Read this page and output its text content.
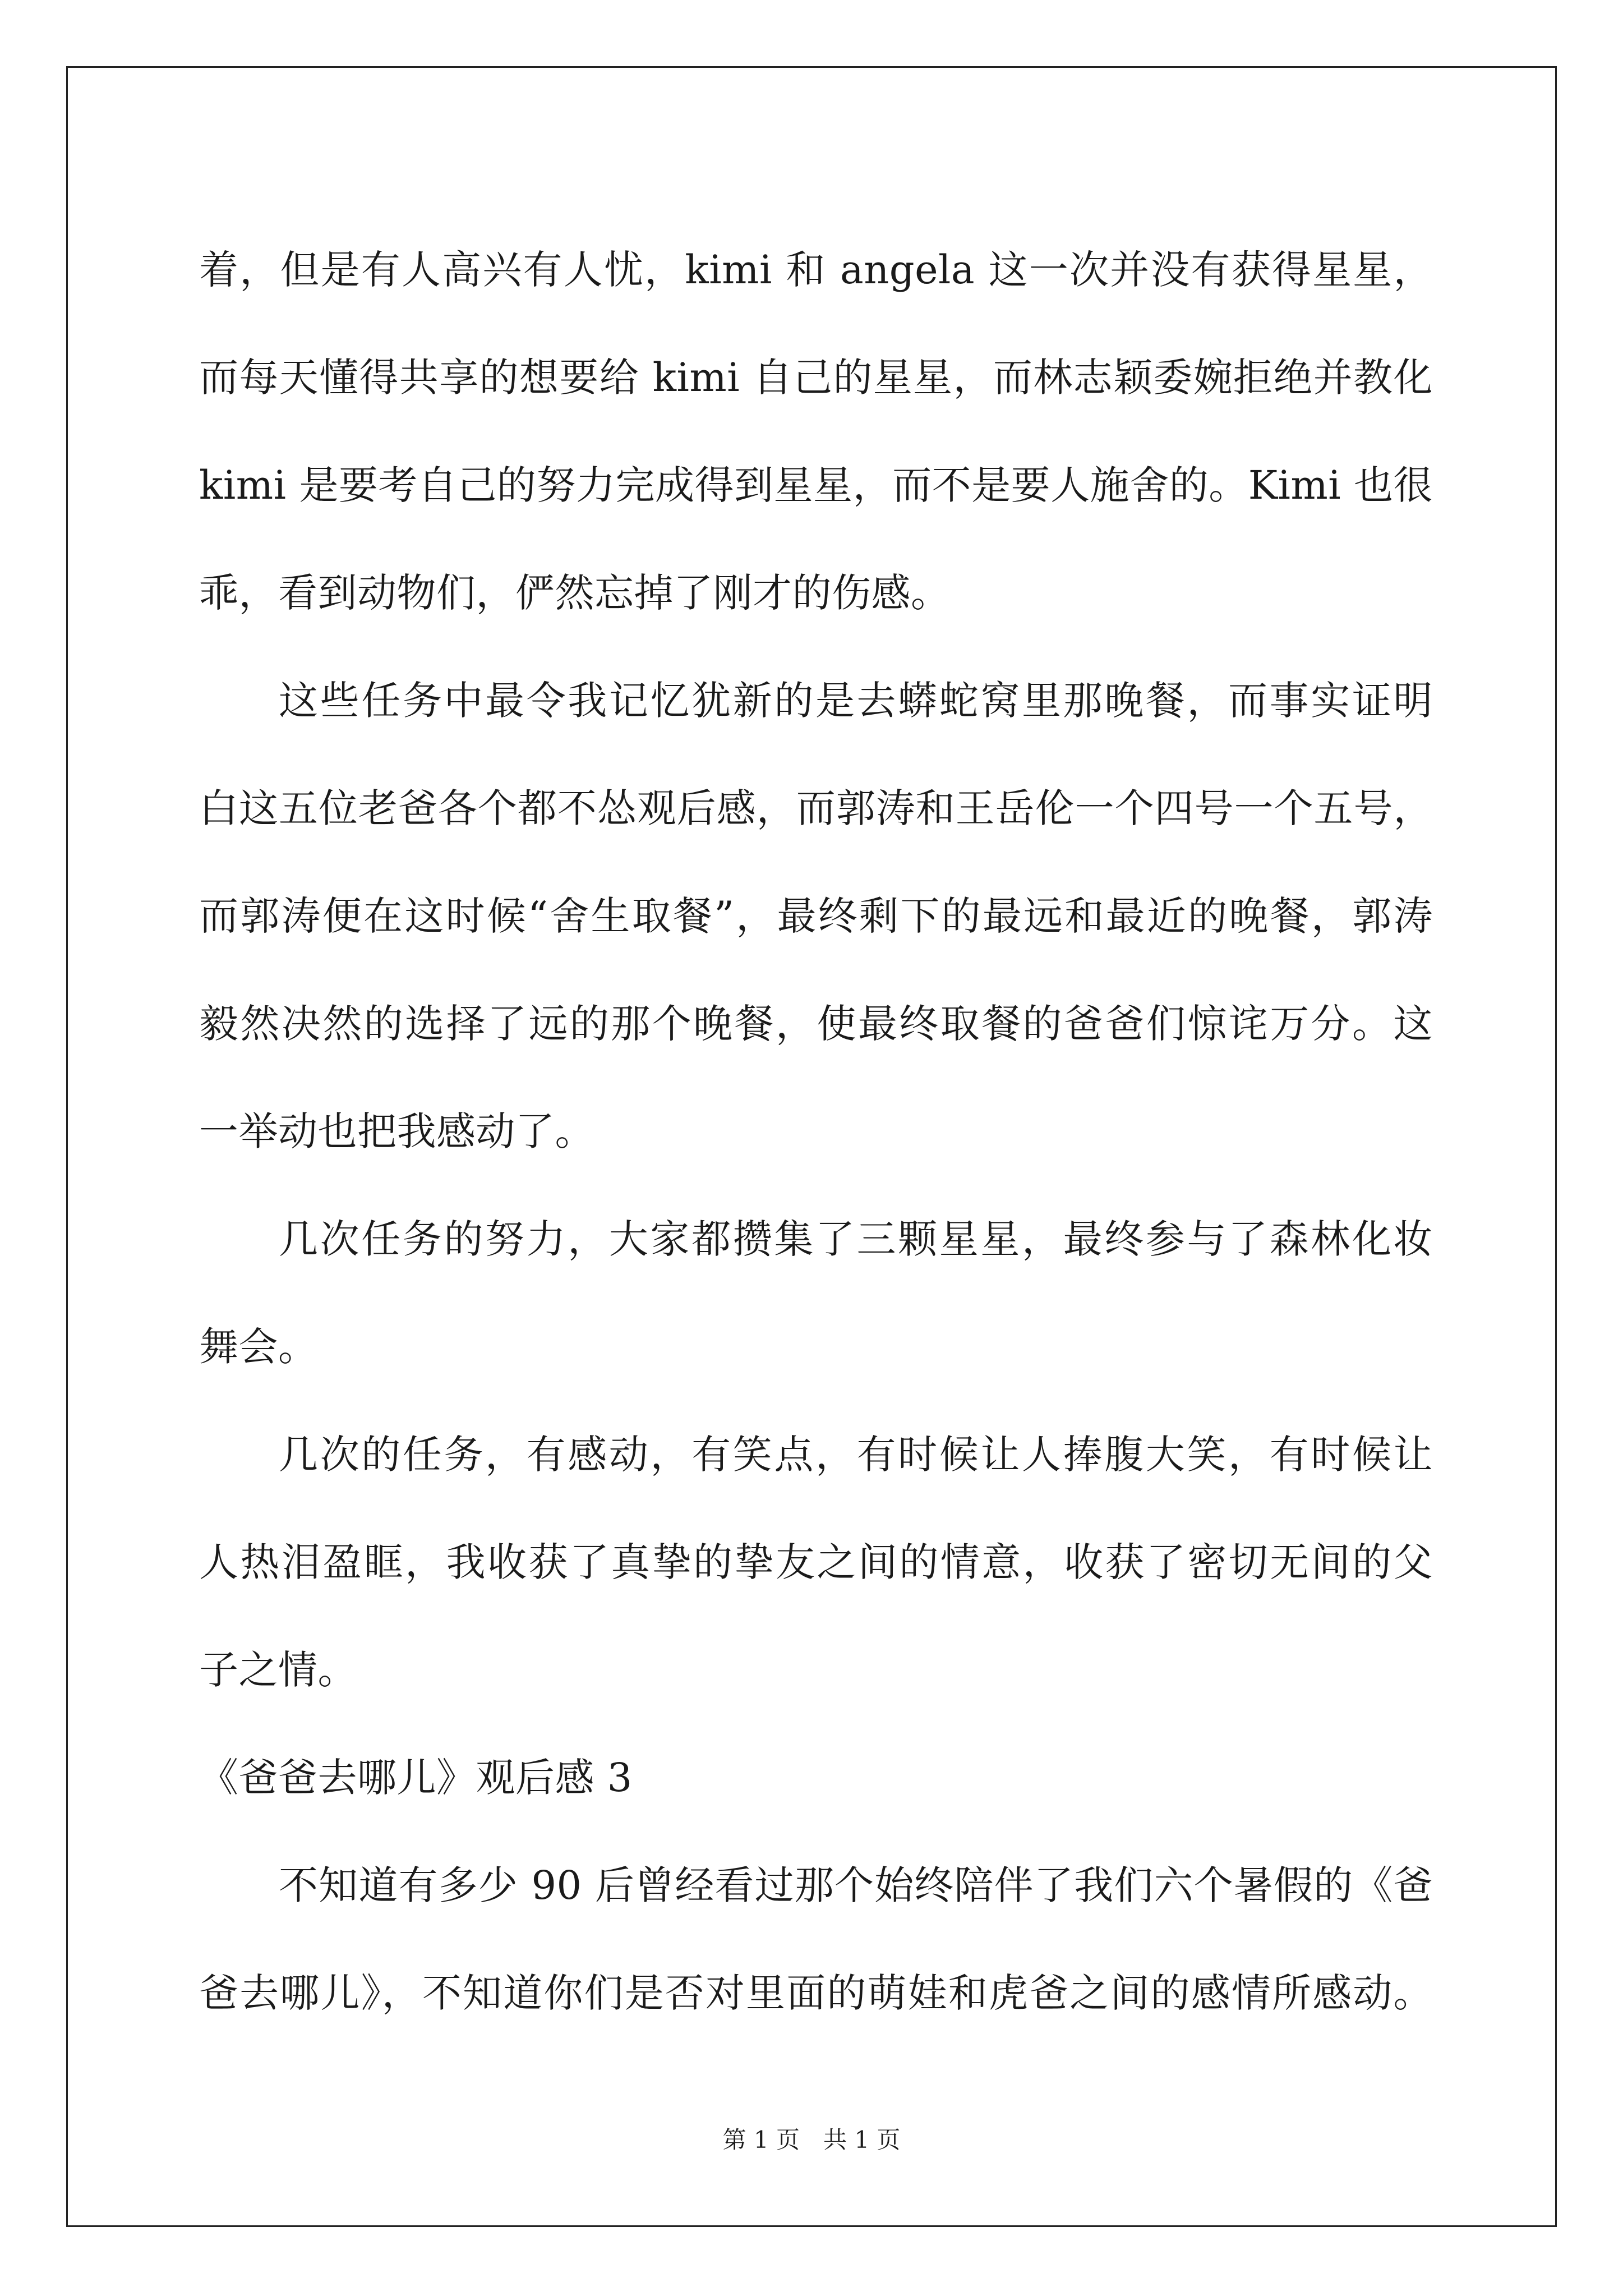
着，但是有人高兴有人忧，kimi 和 angela 这一次并没有获得星星，
而每天懂得共享的想要给 kimi 自己的星星，而林志颖委婉拒绝并教化
kimi 是要考自己的努力完成得到星星，而不是要人施舍的。Kimi 也很
乖，看到动物们，俨然忘掉了刚才的伤感。
这些任务中最令我记忆犹新的是去蟒蛇窝里那晚餐，而事实证明
白这五位老爸各个都不怂观后感，而郭涛和王岳伦一个四号一个五号，
而郭涛便在这时候“舍生取餐”，最终剩下的最远和最近的晚餐，郭涛
毅然决然的选择了远的那个晚餐，使最终取餐的爸爸们惊诧万分。这
一举动也把我感动了。
几次任务的努力，大家都攒集了三颗星星，最终参与了森林化妆
舞会。
几次的任务，有感动，有笑点，有时候让人捧腹大笑，有时候让
人热泪盈眶，我收获了真挚的挚友之间的情意，收获了密切无间的父
子之情。
《爸爸去哪儿》观后感 3
不知道有多少 90 后曾经看过那个始终陪伴了我们六个暑假的《爸
爸去哪儿》，不知道你们是否对里面的萌娃和虎爸之间的感情所感动。
第 1 页　共 1 页
